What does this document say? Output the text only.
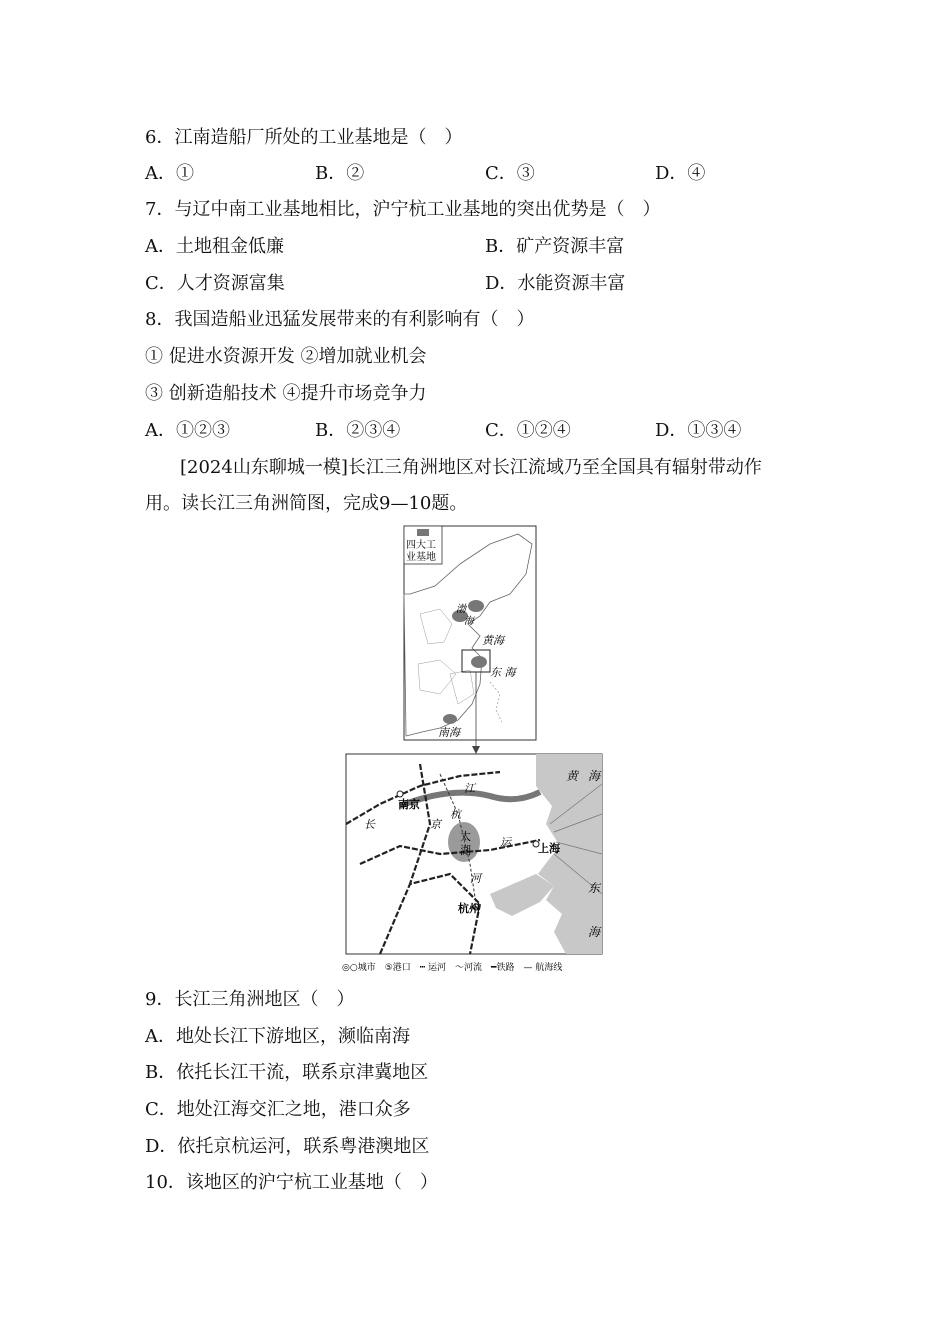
6．江南造船厂所处的工业基地是（　）
A．①	B．②	C．③	D．④
7．与辽中南工业基地相比，沪宁杭工业基地的突出优势是（　）
A．土地租金低廉	B．矿产资源丰富
C．人才资源富集	D．水能资源丰富
8．我国造船业迅猛发展带来的有利影响有（　）
① 促进水资源开发 ②增加就业机会
③ 创新造船技术 ④提升市场竞争力
A．①②③	B．②③④	C．①②④	D．①③④
[2024山东聊城一模]长江三角洲地区对长江流域乃至全国具有辐射带动作
用。读长江三角洲简图，完成9—10题。
四大工
业基地
渤
海
黄海
东 海
南海
黄 海
江
长	京
杭
太
湖
运
河
东
海
南京
上海
杭州
◎○城市　⑤港口　┅ 运河　〜河流　━铁路　— 航海线
9．长江三角洲地区（　）
A．地处长江下游地区，濒临南海
B．依托长江干流，联系京津冀地区
C．地处江海交汇之地，港口众多
D．依托京杭运河，联系粤港澳地区
10．该地区的沪宁杭工业基地（　）
